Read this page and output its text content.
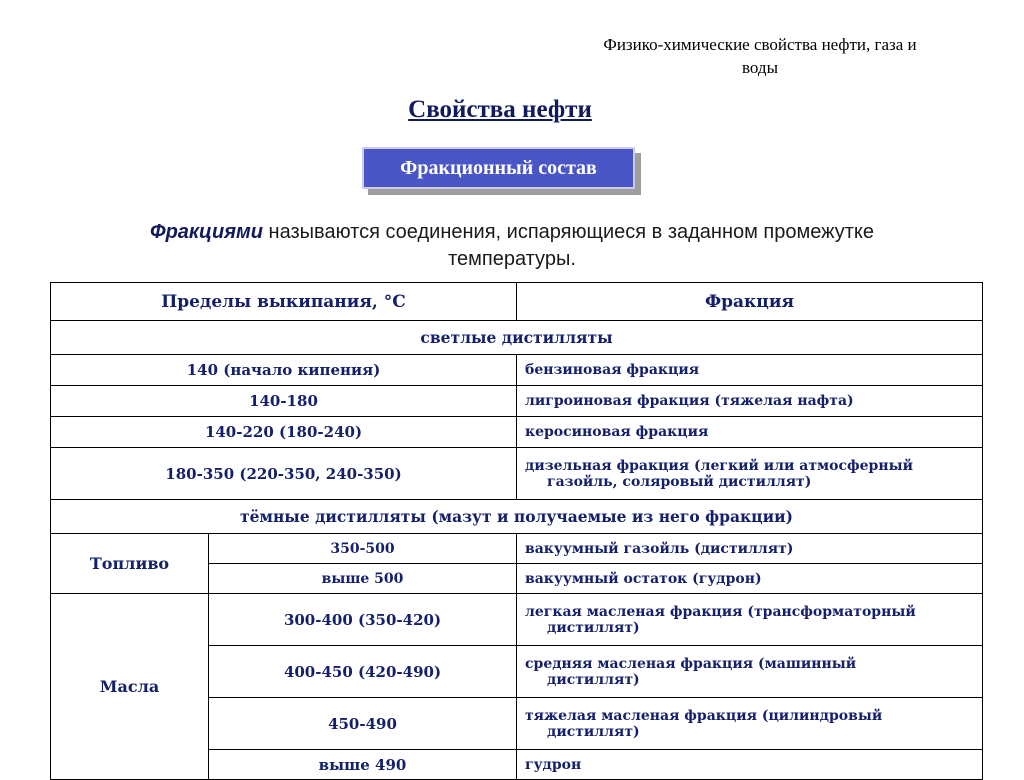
Физико-химические свойства нефти, газа и
воды
Свойства нефти
Фракционный состав
Фракциями называются соединения, испаряющиеся в заданном промежутке
температуры.
Пределы выкипания, °С		Фракция
светлые дистилляты		
140 (начало кипения)		бензиновая фракция
140-180		лигроиновая фракция (тяжелая нафта)
140-220 (180-240)		керосиновая фракция
180-350 (220-350, 240-350)		дизельная фракция (легкий или атмосферный
газойль, соляровый дистиллят)

тёмные дистилляты (мазут и получаемые из него фракции)		
Топливо	350-500	вакуумный газойль (дистиллят)
	выше 500	вакуумный остаток (гудрон)
Масла	300-400 (350-420)	легкая масленая фракция (трансформаторный
дистиллят)

	400-450 (420-490)	средняя масленая фракция (машинный
дистиллят)

	450-490	тяжелая масленая фракция (цилиндровый
дистиллят)

	выше 490	гудрон
